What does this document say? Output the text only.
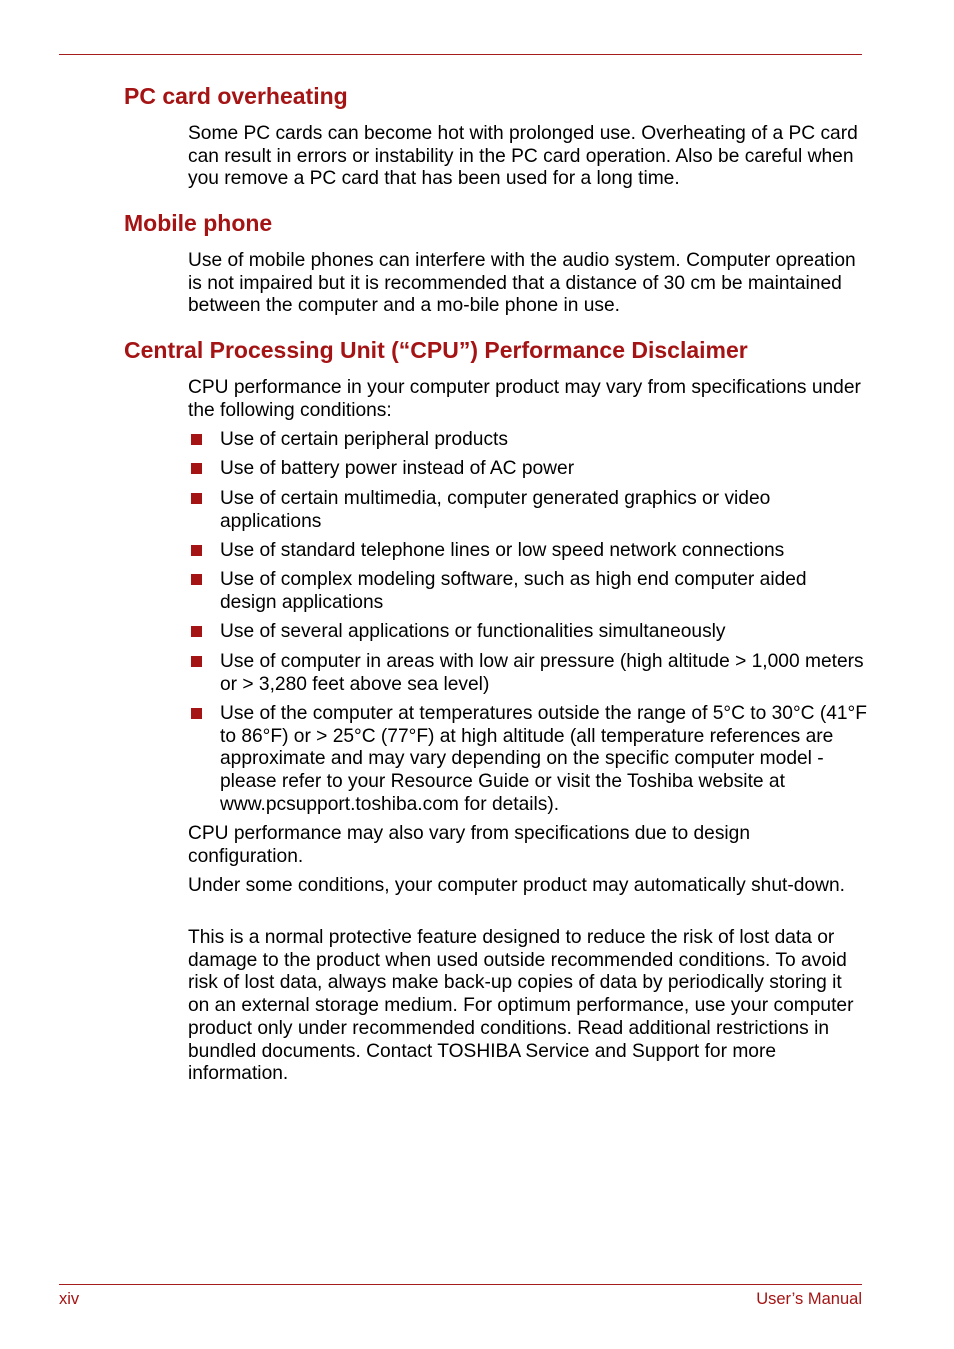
PC card overheating

Some PC cards can become hot with prolonged use. Overheating of a PC card can result in errors or instability in the PC card operation. Also be careful when you remove a PC card that has been used for a long time.

Mobile phone

Use of mobile phones can interfere with the audio system. Computer opreation is not impaired but it is recommended that a distance of 30 cm be maintained between the computer and a mo-bile phone in use.

Central Processing Unit (“CPU”) Performance Disclaimer

CPU performance in your computer product may vary from specifications under the following conditions:

Use of certain peripheral products
Use of battery power instead of AC power
Use of certain multimedia, computer generated graphics or video applications
Use of standard telephone lines or low speed network connections
Use of complex modeling software, such as high end computer aided design applications
Use of several applications or functionalities simultaneously
Use of computer in areas with low air pressure (high altitude > 1,000 meters or > 3,280 feet above sea level)
Use of the computer at temperatures outside the range of 5°C to 30°C (41°F to 86°F) or > 25°C (77°F) at high altitude (all temperature references are approximate and may vary depending on the specific computer model - please refer to your Resource Guide or visit the Toshiba website at www.pcsupport.toshiba.com for details).

CPU performance may also vary from specifications due to design configuration.

Under some conditions, your computer product may automatically shut-down.

This is a normal protective feature designed to reduce the risk of lost data or damage to the product when used outside recommended conditions. To avoid risk of lost data, always make back-up copies of data by periodically storing it on an external storage medium. For optimum performance, use your computer product only under recommended conditions. Read additional restrictions in bundled documents. Contact TOSHIBA Service and Support for more information.

xiv	User’s Manual
